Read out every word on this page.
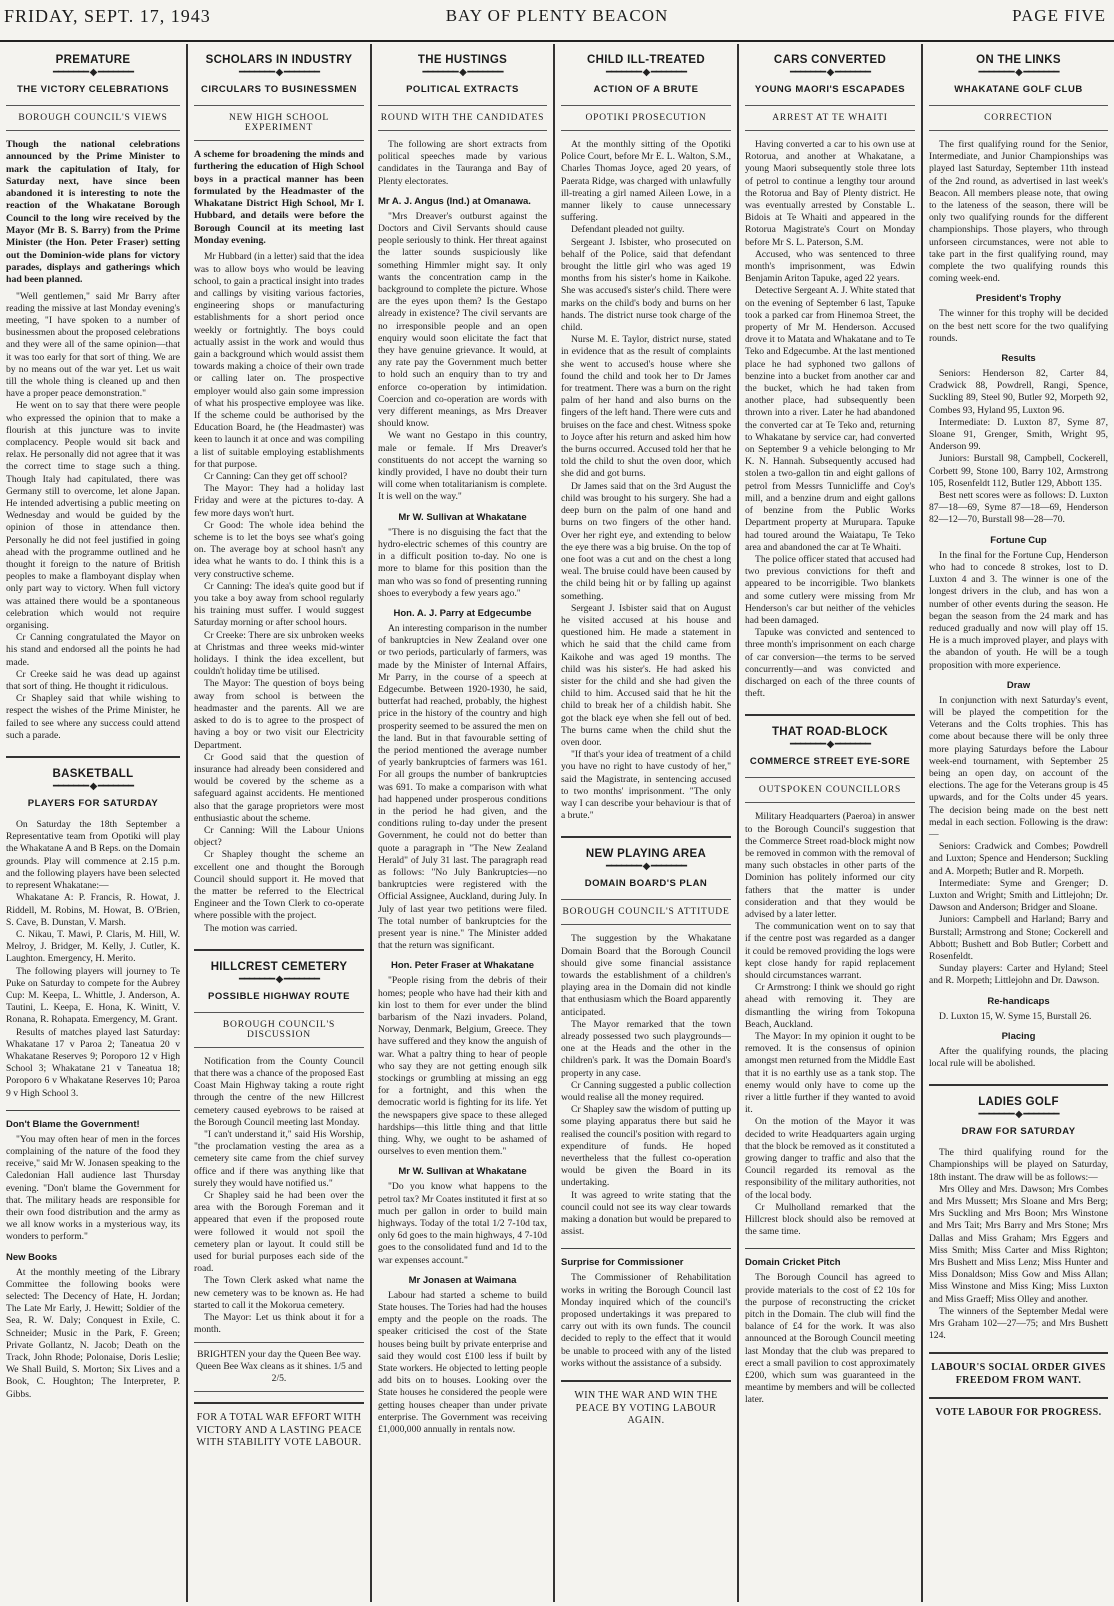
FRIDAY, SEPT. 17, 1943	BAY OF PLENTY BEACON	PAGE FIVE
PREMATURE
━━━━━━━ ◆ ━━━━━━━
THE VICTORY CELEBRATIONS
BOROUGH COUNCIL'S VIEWS
Though the national celebrations announced by the Prime Minister to mark the capitulation of Italy, for Saturday next, have since been abandoned it is interesting to note the reaction of the Whakatane Borough Council to the long wire received by the Mayor (Mr B. S. Barry) from the Prime Minister (the Hon. Peter Fraser) setting out the Dominion-wide plans for victory parades, displays and gatherings which had been planned.

"Well gentlemen," said Mr Barry after reading the missive at last Monday evening's meeting, "I have spoken to a number of businessmen about the proposed celebrations and they were all of the same opinion—that it was too early for that sort of thing. We are by no means out of the war yet. Let us wait till the whole thing is cleaned up and then have a proper peace demonstration."

He went on to say that there were people who expressed the opinion that to make a flourish at this juncture was to invite complacency. People would sit back and relax. He personally did not agree that it was the correct time to stage such a thing. Though Italy had capitulated, there was Germany still to overcome, let alone Japan. He intended advertising a public meeting on Wednesday and would be guided by the opinion of those in attendance then. Personally he did not feel justified in going ahead with the programme outlined and he thought it foreign to the nature of British peoples to make a flamboyant display when only part way to victory. When full victory was attained there would be a spontaneous celebration which would not require organising.

Cr Canning congratulated the Mayor on his stand and endorsed all the points he had made.

Cr Creeke said he was dead up against that sort of thing. He thought it ridiculous.

Cr Shapley said that while wishing to respect the wishes of the Prime Minister, he failed to see where any success could attend such a parade.

BASKETBALL
━━━━━━━ ◆ ━━━━━━━
PLAYERS FOR SATURDAY

On Saturday the 18th September a Representative team from Opotiki will play the Whakatane A and B Reps. on the Domain grounds. Play will commence at 2.15 p.m. and the following players have been selected to represent Whakatane:—

Whakatane A: P. Francis, R. Howat, J. Riddell, M. Robins, M. Howat, B. O'Brien, S. Cave, B. Dunstan, V. Marsh.

C. Nikau, T. Mawi, P. Claris, M. Hill, W. Melroy, J. Bridger, M. Kelly, J. Cutler, K. Laughton. Emergency, H. Merito.

The following players will journey to Te Puke on Saturday to compete for the Aubrey Cup: M. Keepa, L. Whittle, J. Anderson, A. Tautini, L. Keepa, E. Hona, K. Winitt, V. Ronana, R. Rohapata. Emergency, M. Grant.

Results of matches played last Saturday: Whakatane 17 v Paroa 2; Taneatua 20 v Whakatane Reserves 9; Poroporo 12 v High School 3; Whakatane 21 v Taneatua 18; Poroporo 6 v Whakatane Reserves 10; Paroa 9 v High School 3.

Don't Blame the Government!

"You may often hear of men in the forces complaining of the nature of the food they receive," said Mr W. Jonasen speaking to the Caledonian Hall audience last Thursday evening. "Don't blame the Government for that. The military heads are responsible for their own food distribution and the army as we all know works in a mysterious way, its wonders to perform."

New Books

At the monthly meeting of the Library Committee the following books were selected: The Decency of Hate, H. Jordan; The Late Mr Early, J. Hewitt; Soldier of the Sea, R. W. Daly; Conquest in Exile, C. Schneider; Music in the Park, F. Green; Private Gollantz, N. Jacob; Death on the Track, John Rhode; Polonaise, Doris Leslie; We Shall Build, S. Morton; Six Lives and a Book, C. Houghton; The Interpreter, P. Gibbs.

SCHOLARS IN INDUSTRY
━━━━━━━ ◆ ━━━━━━━
CIRCULARS TO BUSINESSMEN
NEW HIGH SCHOOL EXPERIMENT
A scheme for broadening the minds and furthering the education of High School boys in a practical manner has been formulated by the Headmaster of the Whakatane District High School, Mr I. Hubbard, and details were before the Borough Council at its meeting last Monday evening.

Mr Hubbard (in a letter) said that the idea was to allow boys who would be leaving school, to gain a practical insight into trades and callings by visiting various factories, engineering shops or manufacturing establishments for a short period once weekly or fortnightly. The boys could actually assist in the work and would thus gain a background which would assist them towards making a choice of their own trade or calling later on. The prospective employer would also gain some impression of what his prospective employee was like. If the scheme could be authorised by the Education Board, he (the Headmaster) was keen to launch it at once and was compiling a list of suitable employing establishments for that purpose.

Cr Canning: Can they get off school?

The Mayor: They had a holiday last Friday and were at the pictures to-day. A few more days won't hurt.

Cr Good: The whole idea behind the scheme is to let the boys see what's going on. The average boy at school hasn't any idea what he wants to do. I think this is a very constructive scheme.

Cr Canning: The idea's quite good but if you take a boy away from school regularly his training must suffer. I would suggest Saturday morning or after school hours.

Cr Creeke: There are six unbroken weeks at Christmas and three weeks mid-winter holidays. I think the idea excellent, but couldn't holiday time be utilised.

The Mayor: The question of boys being away from school is between the headmaster and the parents. All we are asked to do is to agree to the prospect of having a boy or two visit our Electricity Department.

Cr Good said that the question of insurance had already been considered and would be covered by the scheme as a safeguard against accidents. He mentioned also that the garage proprietors were most enthusiastic about the scheme.

Cr Canning: Will the Labour Unions object?

Cr Shapley thought the scheme an excellent one and thought the Borough Council should support it. He moved that the matter be referred to the Electrical Engineer and the Town Clerk to co-operate where possible with the project.

The motion was carried.

HILLCREST CEMETERY
━━━━━━━ ◆ ━━━━━━━
POSSIBLE HIGHWAY ROUTE
BOROUGH COUNCIL'S DISCUSSION

Notification from the County Council that there was a chance of the proposed East Coast Main Highway taking a route right through the centre of the new Hillcrest cemetery caused eyebrows to be raised at the Borough Council meeting last Monday.

"I can't understand it," said His Worship, "the proclamation vesting the area as a cemetery site came from the chief survey office and if there was anything like that surely they would have notified us."

Cr Shapley said he had been over the area with the Borough Foreman and it appeared that even if the proposed route were followed it would not spoil the cemetery plan or layout. It could still be used for burial purposes each side of the road.

The Town Clerk asked what name the new cemetery was to be known as. He had started to call it the Mokorua cemetery.

The Mayor: Let us think about it for a month.

BRIGHTEN your day the Queen Bee way. Queen Bee Wax cleans as it shines. 1/5 and 2/5.
FOR A TOTAL WAR EFFORT WITH VICTORY AND A LASTING PEACE WITH STABILITY VOTE LABOUR.
THE HUSTINGS
━━━━━━━ ◆ ━━━━━━━
POLITICAL EXTRACTS
ROUND WITH THE CANDIDATES

The following are short extracts from political speeches made by various candidates in the Tauranga and Bay of Plenty electorates.

Mr A. J. Angus (Ind.) at Omanawa.

"Mrs Dreaver's outburst against the Doctors and Civil Servants should cause people seriously to think. Her threat against the latter sounds suspiciously like something Himmler might say. It only wants the concentration camp in the background to complete the picture. Whose are the eyes upon them? Is the Gestapo already in existence? The civil servants are no irresponsible people and an open enquiry would soon elicitate the fact that they have genuine grievance. It would, at any rate pay the Government much better to hold such an enquiry than to try and enforce co-operation by intimidation. Coercion and co-operation are words with very different meanings, as Mrs Dreaver should know.

We want no Gestapo in this country, male or female. If Mrs Dreaver's constituents do not accept the warning so kindly provided, I have no doubt their turn will come when totalitarianism is complete. It is well on the way."

Mr W. Sullivan at Whakatane

"There is no disguising the fact that the hydro-electric schemes of this country are in a difficult position to-day. No one is more to blame for this position than the man who was so fond of presenting running shoes to everybody a few years ago."

Hon. A. J. Parry at Edgecumbe

An interesting comparison in the number of bankruptcies in New Zealand over one or two periods, particularly of farmers, was made by the Minister of Internal Affairs, Mr Parry, in the course of a speech at Edgecumbe. Between 1920-1930, he said, butterfat had reached, probably, the highest price in the history of the country and high prosperity seemed to be assured the men on the land. But in that favourable setting of the period mentioned the average number of yearly bankruptcies of farmers was 161. For all groups the number of bankruptcies was 691. To make a comparison with what had happened under prosperous conditions in the period he had given, and the conditions ruling to-day under the present Government, he could not do better than quote a paragraph in "The New Zealand Herald" of July 31 last. The paragraph read as follows: "No July Bankruptcies—no bankruptcies were registered with the Official Assignee, Auckland, during July. In July of last year two petitions were filed. The total number of bankruptcies for the present year is nine." The Minister added that the return was significant.

Hon. Peter Fraser at Whakatane

"People rising from the debris of their homes; people who have had their kith and kin lost to them for ever under the blind barbarism of the Nazi invaders. Poland, Norway, Denmark, Belgium, Greece. They have suffered and they know the anguish of war. What a paltry thing to hear of people who say they are not getting enough silk stockings or grumbling at missing an egg for a fortnight, and this when the democratic world is fighting for its life. Yet the newspapers give space to these alleged hardships—this little thing and that little thing. Why, we ought to be ashamed of ourselves to even mention them."

Mr W. Sullivan at Whakatane

"Do you know what happens to the petrol tax? Mr Coates instituted it first at so much per gallon in order to build main highways. Today of the total 1/2 7-10d tax, only 6d goes to the main highways, 4 7-10d goes to the consolidated fund and 1d to the war expenses account."

Mr Jonasen at Waimana

Labour had started a scheme to build State houses. The Tories had had the houses empty and the people on the roads. The speaker criticised the cost of the State houses being built by private enterprise and said they would cost £100 less if built by State workers. He objected to letting people add bits on to houses. Looking over the State houses he considered the people were getting houses cheaper than under private enterprise. The Government was receiving £1,000,000 annually in rentals now.

CHILD ILL-TREATED
━━━━━━━ ◆ ━━━━━━━
ACTION OF A BRUTE
OPOTIKI PROSECUTION

At the monthly sitting of the Opotiki Police Court, before Mr E. L. Walton, S.M., Charles Thomas Joyce, aged 20 years, of Paerata Ridge, was charged with unlawfully ill-treating a girl named Aileen Lowe, in a manner likely to cause unnecessary suffering.

Defendant pleaded not guilty.

Sergeant J. Isbister, who prosecuted on behalf of the Police, said that defendant brought the little girl who was aged 19 months from his sister's home in Kaikohe. She was accused's sister's child. There were marks on the child's body and burns on her hands. The district nurse took charge of the child.

Nurse M. E. Taylor, district nurse, stated in evidence that as the result of complaints she went to accused's house where she found the child and took her to Dr James for treatment. There was a burn on the right palm of her hand and also burns on the fingers of the left hand. There were cuts and bruises on the face and chest. Witness spoke to Joyce after his return and asked him how the burns occurred. Accused told her that he told the child to shut the oven door, which she did and got burns.

Dr James said that on the 3rd August the child was brought to his surgery. She had a deep burn on the palm of one hand and burns on two fingers of the other hand. Over her right eye, and extending to below the eye there was a big bruise. On the top of one foot was a cut and on the chest a long weal. The bruise could have been caused by the child being hit or by falling up against something.

Sergeant J. Isbister said that on August he visited accused at his house and questioned him. He made a statement in which he said that the child came from Kaikohe and was aged 19 months. The child was his sister's. He had asked his sister for the child and she had given the child to him. Accused said that he hit the child to break her of a childish habit. She got the black eye when she fell out of bed. The burns came when the child shut the oven door.

"If that's your idea of treatment of a child you have no right to have custody of her," said the Magistrate, in sentencing accused to two months' imprisonment. "The only way I can describe your behaviour is that of a brute."

NEW PLAYING AREA
━━━━━━━ ◆ ━━━━━━━
DOMAIN BOARD'S PLAN
BOROUGH COUNCIL'S ATTITUDE

The suggestion by the Whakatane Domain Board that the Borough Council should give some financial assistance towards the establishment of a children's playing area in the Domain did not kindle that enthusiasm which the Board apparently anticipated.

The Mayor remarked that the town already possessed two such playgrounds—one at the Heads and the other in the children's park. It was the Domain Board's property in any case.

Cr Canning suggested a public collection would realise all the money required.

Cr Shapley saw the wisdom of putting up some playing apparatus there but said he realised the council's position with regard to expenditure of funds. He hoped nevertheless that the fullest co-operation would be given the Board in its undertaking.

It was agreed to write stating that the council could not see its way clear towards making a donation but would be prepared to assist.

Surprise for Commissioner

The Commissioner of Rehabilitation works in writing the Borough Council last Monday inquired which of the council's proposed undertakings it was prepared to carry out with its own funds. The council decided to reply to the effect that it would be unable to proceed with any of the listed works without the assistance of a subsidy.

WIN THE WAR AND WIN THE PEACE BY VOTING LABOUR AGAIN.
CARS CONVERTED
━━━━━━━ ◆ ━━━━━━━
YOUNG MAORI'S ESCAPADES
ARREST AT TE WHAITI

Having converted a car to his own use at Rotorua, and another at Whakatane, a young Maori subsequently stole three lots of petrol to continue a lengthy tour around the Rotorua and Bay of Plenty district. He was eventually arrested by Constable L. Bidois at Te Whaiti and appeared in the Rotorua Magistrate's Court on Monday before Mr S. L. Paterson, S.M.

Accused, who was sentenced to three month's imprisonment, was Edwin Benjamin Ariton Tapuke, aged 22 years.

Detective Sergeant A. J. White stated that on the evening of September 6 last, Tapuke took a parked car from Hinemoa Street, the property of Mr M. Henderson. Accused drove it to Matata and Whakatane and to Te Teko and Edgecumbe. At the last mentioned place he had syphoned two gallons of benzine into a bucket from another car and the bucket, which he had taken from another place, had subsequently been thrown into a river. Later he had abandoned the converted car at Te Teko and, returning to Whakatane by service car, had converted on September 9 a vehicle belonging to Mr K. N. Hannah. Subsequently accused had stolen a two-gallon tin and eight gallons of petrol from Messrs Tunnicliffe and Coy's mill, and a benzine drum and eight gallons of benzine from the Public Works Department property at Murupara. Tapuke had toured around the Waiatapu, Te Teko area and abandoned the car at Te Whaiti.

The police officer stated that accused had two previous convictions for theft and appeared to be incorrigible. Two blankets and some cutlery were missing from Mr Henderson's car but neither of the vehicles had been damaged.

Tapuke was convicted and sentenced to three month's imprisonment on each charge of car conversion—the terms to be served concurrently—and was convicted and discharged on each of the three counts of theft.

THAT ROAD-BLOCK
━━━━━━━ ◆ ━━━━━━━
COMMERCE STREET EYE-SORE
OUTSPOKEN COUNCILLORS

Military Headquarters (Paeroa) in answer to the Borough Council's suggestion that the Commerce Street road-block might now be removed in common with the removal of many such obstacles in other parts of the Dominion has politely informed our city fathers that the matter is under consideration and that they would be advised by a later letter.

The communication went on to say that if the centre post was regarded as a danger it could be removed providing the logs were kept close handy for rapid replacement should circumstances warrant.

Cr Armstrong: I think we should go right ahead with removing it. They are dismantling the wiring from Tokopuna Beach, Auckland.

The Mayor: In my opinion it ought to be removed. It is the consensus of opinion amongst men returned from the Middle East that it is no earthly use as a tank stop. The enemy would only have to come up the river a little further if they wanted to avoid it.

On the motion of the Mayor it was decided to write Headquarters again urging that the block be removed as it constituted a growing danger to traffic and also that the Council regarded its removal as the responsibility of the military authorities, not of the local body.

Cr Mulholland remarked that the Hillcrest block should also be removed at the same time.

Domain Cricket Pitch

The Borough Council has agreed to provide materials to the cost of £2 10s for the purpose of reconstructing the cricket pitch in the Domain. The club will find the balance of £4 for the work. It was also announced at the Borough Council meeting last Monday that the club was prepared to erect a small pavilion to cost approximately £200, which sum was guaranteed in the meantime by members and will be collected later.

ON THE LINKS
━━━━━━━ ◆ ━━━━━━━
WHAKATANE GOLF CLUB
CORRECTION

The first qualifying round for the Senior, Intermediate, and Junior Championships was played last Saturday, September 11th instead of the 2nd round, as advertised in last week's Beacon. All members please note, that owing to the lateness of the season, there will be only two qualifying rounds for the different championships. Those players, who through unforseen circumstances, were not able to take part in the first qualifying round, may complete the two qualifying rounds this coming week-end.

President's Trophy

The winner for this trophy will be decided on the best nett score for the two qualifying rounds.

Results

Seniors: Henderson 82, Carter 84, Cradwick 88, Powdrell, Rangi, Spence, Suckling 89, Steel 90, Butler 92, Morpeth 92, Combes 93, Hyland 95, Luxton 96.

Intermediate: D. Luxton 87, Syme 87, Sloane 91, Grenger, Smith, Wright 95, Anderson 99.

Juniors: Burstall 98, Campbell, Cockerell, Corbett 99, Stone 100, Barry 102, Armstrong 105, Rosenfeldt 112, Butler 129, Abbott 135.

Best nett scores were as follows: D. Luxton 87—18—69, Syme 87—18—69, Henderson 82—12—70, Burstall 98—28—70.

Fortune Cup

In the final for the Fortune Cup, Henderson who had to concede 8 strokes, lost to D. Luxton 4 and 3. The winner is one of the longest drivers in the club, and has won a number of other events during the season. He began the season from the 24 mark and has reduced gradually and now will play off 15. He is a much improved player, and plays with the abandon of youth. He will be a tough proposition with more experience.

Draw

In conjunction with next Saturday's event, will be played the competition for the Veterans and the Colts trophies. This has come about because there will be only three more playing Saturdays before the Labour week-end tournament, with September 25 being an open day, on account of the elections. The age for the Veterans group is 45 upwards, and for the Colts under 45 years. The decision being made on the best nett medal in each section. Following is the draw:—

Seniors: Cradwick and Combes; Powdrell and Luxton; Spence and Henderson; Suckling and A. Morpeth; Butler and R. Morpeth.

Intermediate: Syme and Grenger; D. Luxton and Wright; Smith and Littlejohn; Dr. Dawson and Anderson; Bridger and Sloane.

Juniors: Campbell and Harland; Barry and Burstall; Armstrong and Stone; Cockerell and Abbott; Bushett and Bob Butler; Corbett and Rosenfeldt.

Sunday players: Carter and Hyland; Steel and R. Morpeth; Littlejohn and Dr. Dawson.

Re-handicaps

D. Luxton 15, W. Syme 15, Burstall 26.

Placing

After the qualifying rounds, the placing local rule will be abolished.

LADIES GOLF
━━━━━━━ ◆ ━━━━━━━
DRAW FOR SATURDAY

The third qualifying round for the Championships will be played on Saturday, 18th instant. The draw will be as follows:—

Mrs Olley and Mrs. Dawson; Mrs Combes and Mrs Mussett; Mrs Sloane and Mrs Berg; Mrs Suckling and Mrs Boon; Mrs Winstone and Mrs Tait; Mrs Barry and Mrs Stone; Mrs Dallas and Miss Graham; Mrs Eggers and Miss Smith; Miss Carter and Miss Righton; Mrs Bushett and Miss Lenz; Miss Hunter and Miss Donaldson; Miss Gow and Miss Allan; Miss Winstone and Miss King; Miss Luxton and Miss Graeff; Miss Olley and another.

The winners of the September Medal were Mrs Graham 102—27—75; and Mrs Bushett 124.

LABOUR'S SOCIAL ORDER GIVES FREEDOM FROM WANT.
VOTE LABOUR FOR PROGRESS.
